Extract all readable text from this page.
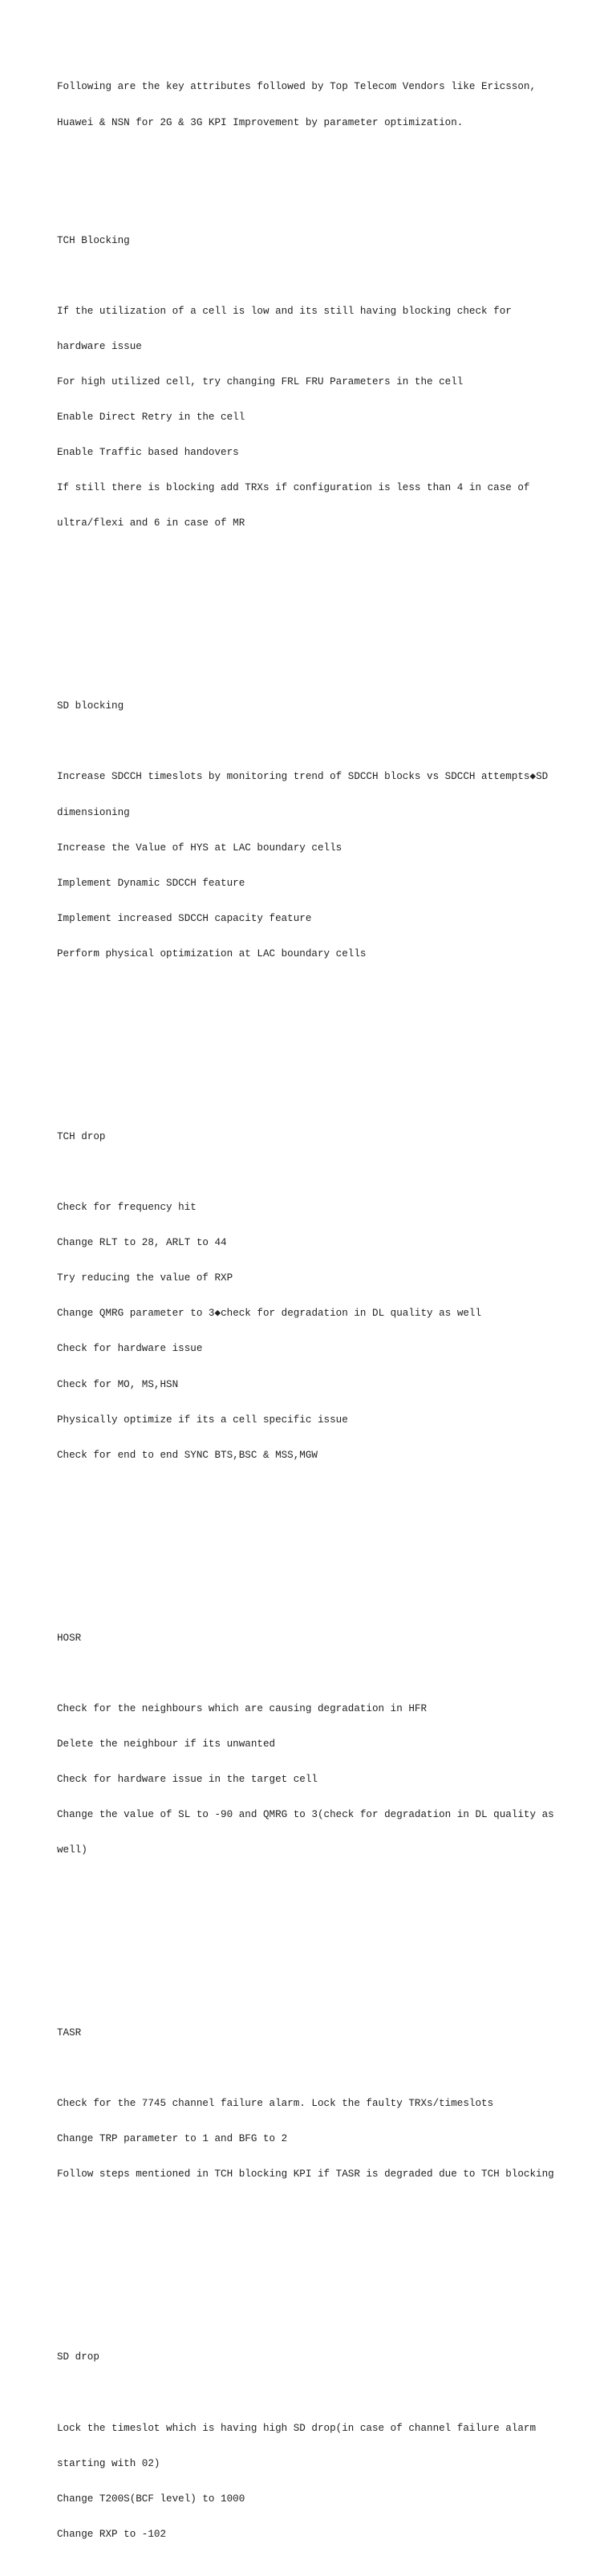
Following are the key attributes followed by Top Telecom Vendors like Ericsson,

Huawei & NSN for 2G & 3G KPI Improvement by parameter optimization.

TCH Blocking

If the utilization of a cell is low and its still having blocking check for

hardware issue

For high utilized cell, try changing FRL FRU Parameters in the cell

Enable Direct Retry in the cell

Enable Traffic based handovers

If still there is blocking add TRXs if configuration is less than 4 in case of

ultra/flexi and 6 in case of MR

SD blocking

Increase SDCCH timeslots by monitoring trend of SDCCH blocks vs SDCCH attempts◆SD

dimensioning

Increase the Value of HYS at LAC boundary cells

Implement Dynamic SDCCH feature

Implement increased SDCCH capacity feature

Perform physical optimization at LAC boundary cells

TCH drop

Check for frequency hit

Change RLT to 28, ARLT to 44

Try reducing the value of RXP

Change QMRG parameter to 3◆check for degradation in DL quality as well

Check for hardware issue

Check for MO, MS,HSN

Physically optimize if its a cell specific issue

Check for end to end SYNC BTS,BSC & MSS,MGW

HOSR

Check for the neighbours which are causing degradation in HFR

Delete the neighbour if its unwanted

Check for hardware issue in the target cell

Change the value of SL to -90 and QMRG to 3(check for degradation in DL quality as

well)

TASR

Check for the 7745 channel failure alarm. Lock the faulty TRXs/timeslots

Change TRP parameter to 1 and BFG to 2

Follow steps mentioned in TCH blocking KPI if TASR is degraded due to TCH blocking

SD drop

Lock the timeslot which is having high SD drop(in case of channel failure alarm

starting with 02)

Change T200S(BCF level) to 1000

Change RXP to -102
